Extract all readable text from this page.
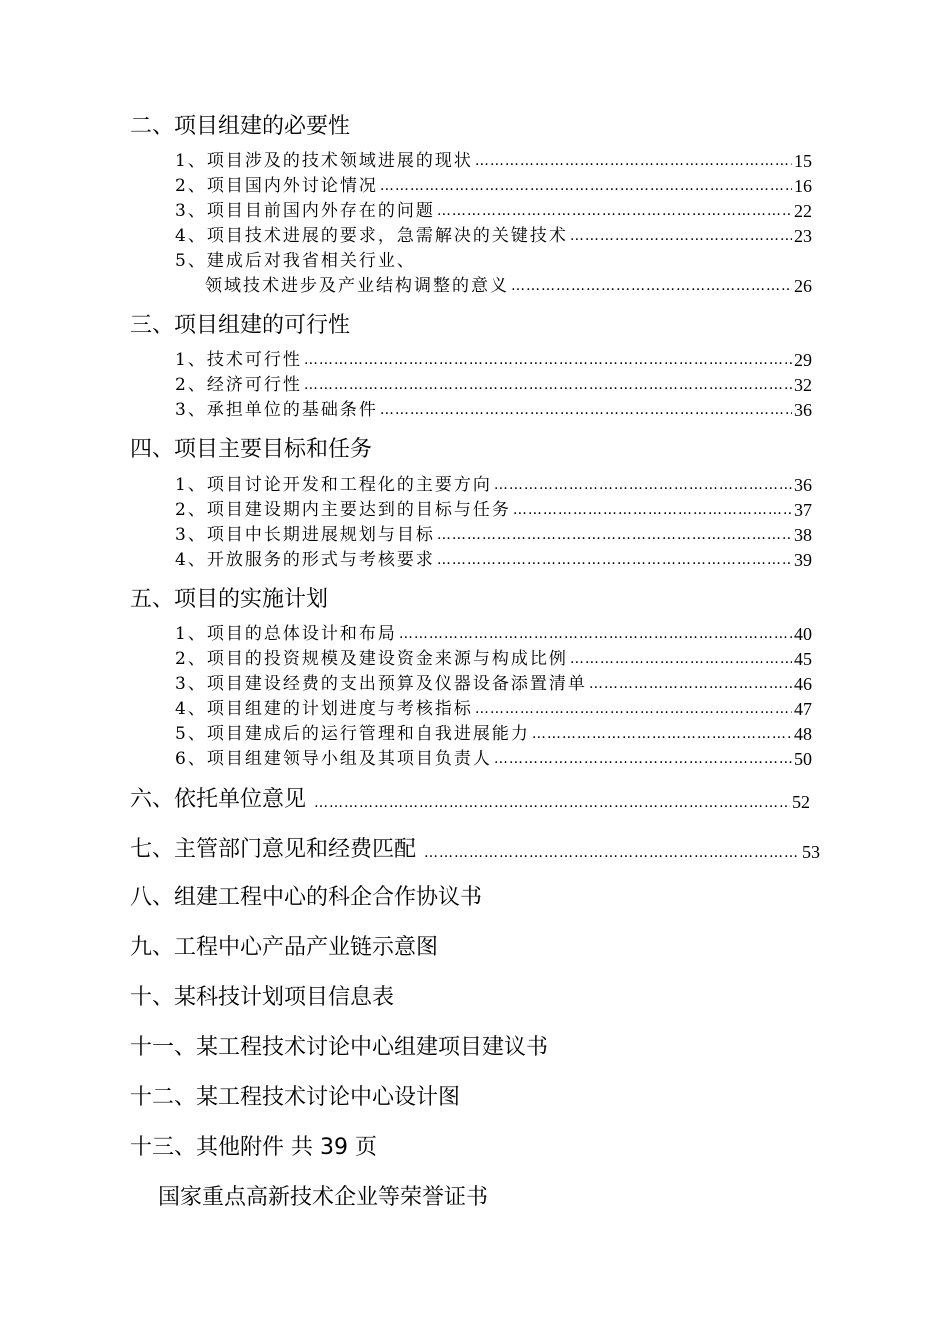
二、项目组建的必要性
1、项目涉及的技术领域进展的现状 ………………………………………………………………………………………………………………………………………………………………………………	15
2、项目国内外讨论情况 ………………………………………………………………………………………………………………………………………………………………………………	16
3、项目目前国内外存在的问题 ………………………………………………………………………………………………………………………………………………………………………………	22
4、项目技术进展的要求，急需解决的关键技术 ………………………………………………………………………………………………………………………………………………………………………………	23
5、建成后对我省相关行业、
领域技术进步及产业结构调整的意义 ………………………………………………………………………………………………………………………………………………………………………………	26
三、项目组建的可行性
1、技术可行性 ………………………………………………………………………………………………………………………………………………………………………………	29
2、经济可行性 ………………………………………………………………………………………………………………………………………………………………………………	32
3、承担单位的基础条件 ………………………………………………………………………………………………………………………………………………………………………………	36
四、项目主要目标和任务
1、项目讨论开发和工程化的主要方向 ………………………………………………………………………………………………………………………………………………………………………………	36
2、项目建设期内主要达到的目标与任务 ………………………………………………………………………………………………………………………………………………………………………………	37
3、项目中长期进展规划与目标 ………………………………………………………………………………………………………………………………………………………………………………	38
4、开放服务的形式与考核要求 ………………………………………………………………………………………………………………………………………………………………………………	39
五、项目的实施计划
1、项目的总体设计和布局 ………………………………………………………………………………………………………………………………………………………………………………	40
2、项目的投资规模及建设资金来源与构成比例 ………………………………………………………………………………………………………………………………………………………………………………	45
3、项目建设经费的支出预算及仪器设备添置清单 ………………………………………………………………………………………………………………………………………………………………………………	46
4、项目组建的计划进度与考核指标 ………………………………………………………………………………………………………………………………………………………………………………	47
5、项目建成后的运行管理和自我进展能力 ………………………………………………………………………………………………………………………………………………………………………………	48
6、项目组建领导小组及其项目负责人 ………………………………………………………………………………………………………………………………………………………………………………	50
六、依托单位意见 ………………………………………………………………………………………………………………………………………………………………………………	52
七、主管部门意见和经费匹配 ………………………………………………………………………………………………………………………………………………………………………………	53
八、组建工程中心的科企合作协议书
九、工程中心产品产业链示意图
十、某科技计划项目信息表
十一、某工程技术讨论中心组建项目建议书
十二、某工程技术讨论中心设计图
十三、其他附件 共 39 页
国家重点高新技术企业等荣誉证书
